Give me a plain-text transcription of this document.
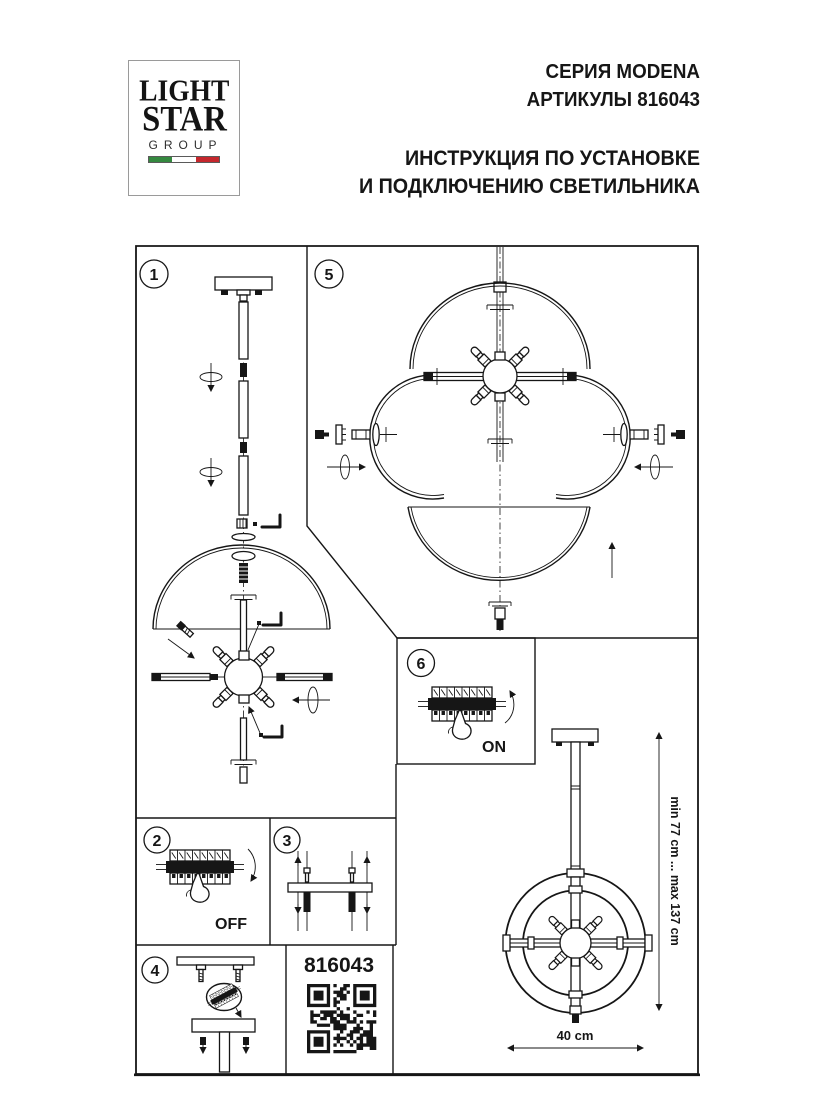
LIGHT
STAR
GROUP
СЕРИЯ MODENA
АРТИКУЛЫ 816043
ИНСТРУКЦИЯ ПО УСТАНОВКЕ
И ПОДКЛЮЧЕНИЮ СВЕТИЛЬНИКА
1	5
6
2	3
4
ON
OFF
816043
min 77 cm ... max 137 cm
40 cm
